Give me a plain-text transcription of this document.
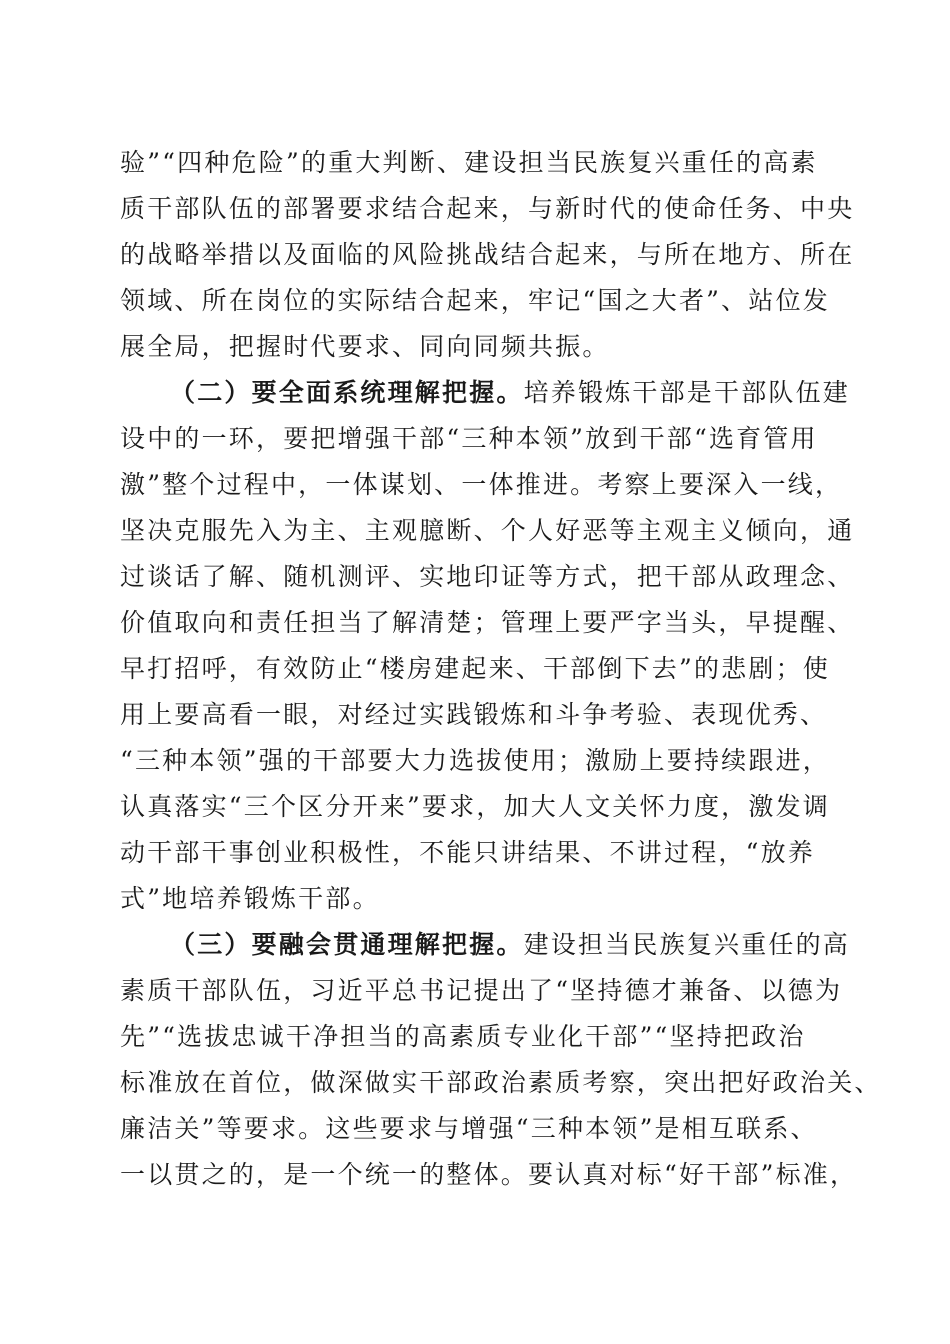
验”“四种危险”的重大判断、建设担当民族复兴重任的高素
质干部队伍的部署要求结合起来，与新时代的使命任务、中央
的战略举措以及面临的风险挑战结合起来，与所在地方、所在
领域、所在岗位的实际结合起来，牢记“国之大者”、站位发
展全局，把握时代要求、同向同频共振。
（二）要全面系统理解把握。培养锻炼干部是干部队伍建
设中的一环，要把增强干部“三种本领”放到干部“选育管用
激”整个过程中，一体谋划、一体推进。考察上要深入一线，
坚决克服先入为主、主观臆断、个人好恶等主观主义倾向，通
过谈话了解、随机测评、实地印证等方式，把干部从政理念、
价值取向和责任担当了解清楚；管理上要严字当头，早提醒、
早打招呼，有效防止“楼房建起来、干部倒下去”的悲剧；使
用上要高看一眼，对经过实践锻炼和斗争考验、表现优秀、
“三种本领”强的干部要大力选拔使用；激励上要持续跟进，
认真落实“三个区分开来”要求，加大人文关怀力度，激发调
动干部干事创业积极性，不能只讲结果、不讲过程，“放养
式”地培养锻炼干部。
（三）要融会贯通理解把握。建设担当民族复兴重任的高
素质干部队伍，习近平总书记提出了“坚持德才兼备、以德为
先”“选拔忠诚干净担当的高素质专业化干部”“坚持把政治
标准放在首位，做深做实干部政治素质考察，突出把好政治关、
廉洁关”等要求。这些要求与增强“三种本领”是相互联系、
一以贯之的，是一个统一的整体。要认真对标“好干部”标准，
